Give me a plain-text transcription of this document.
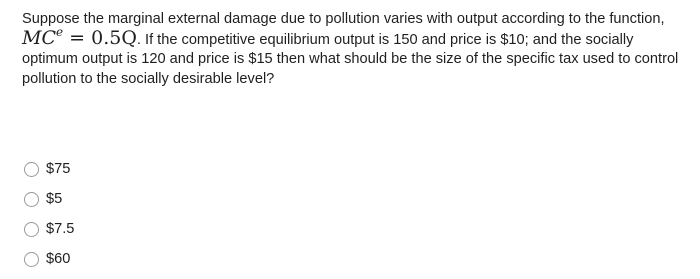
Suppose the marginal external damage due to pollution varies with output according to the function, $MC^e = 0.5Q$. If the competitive equilibrium output is 150 and price is $10; and the socially optimum output is 120 and price is $15 then what should be the size of the specific tax used to control pollution to the socially desirable level?
$75
$5
$7.5
$60
